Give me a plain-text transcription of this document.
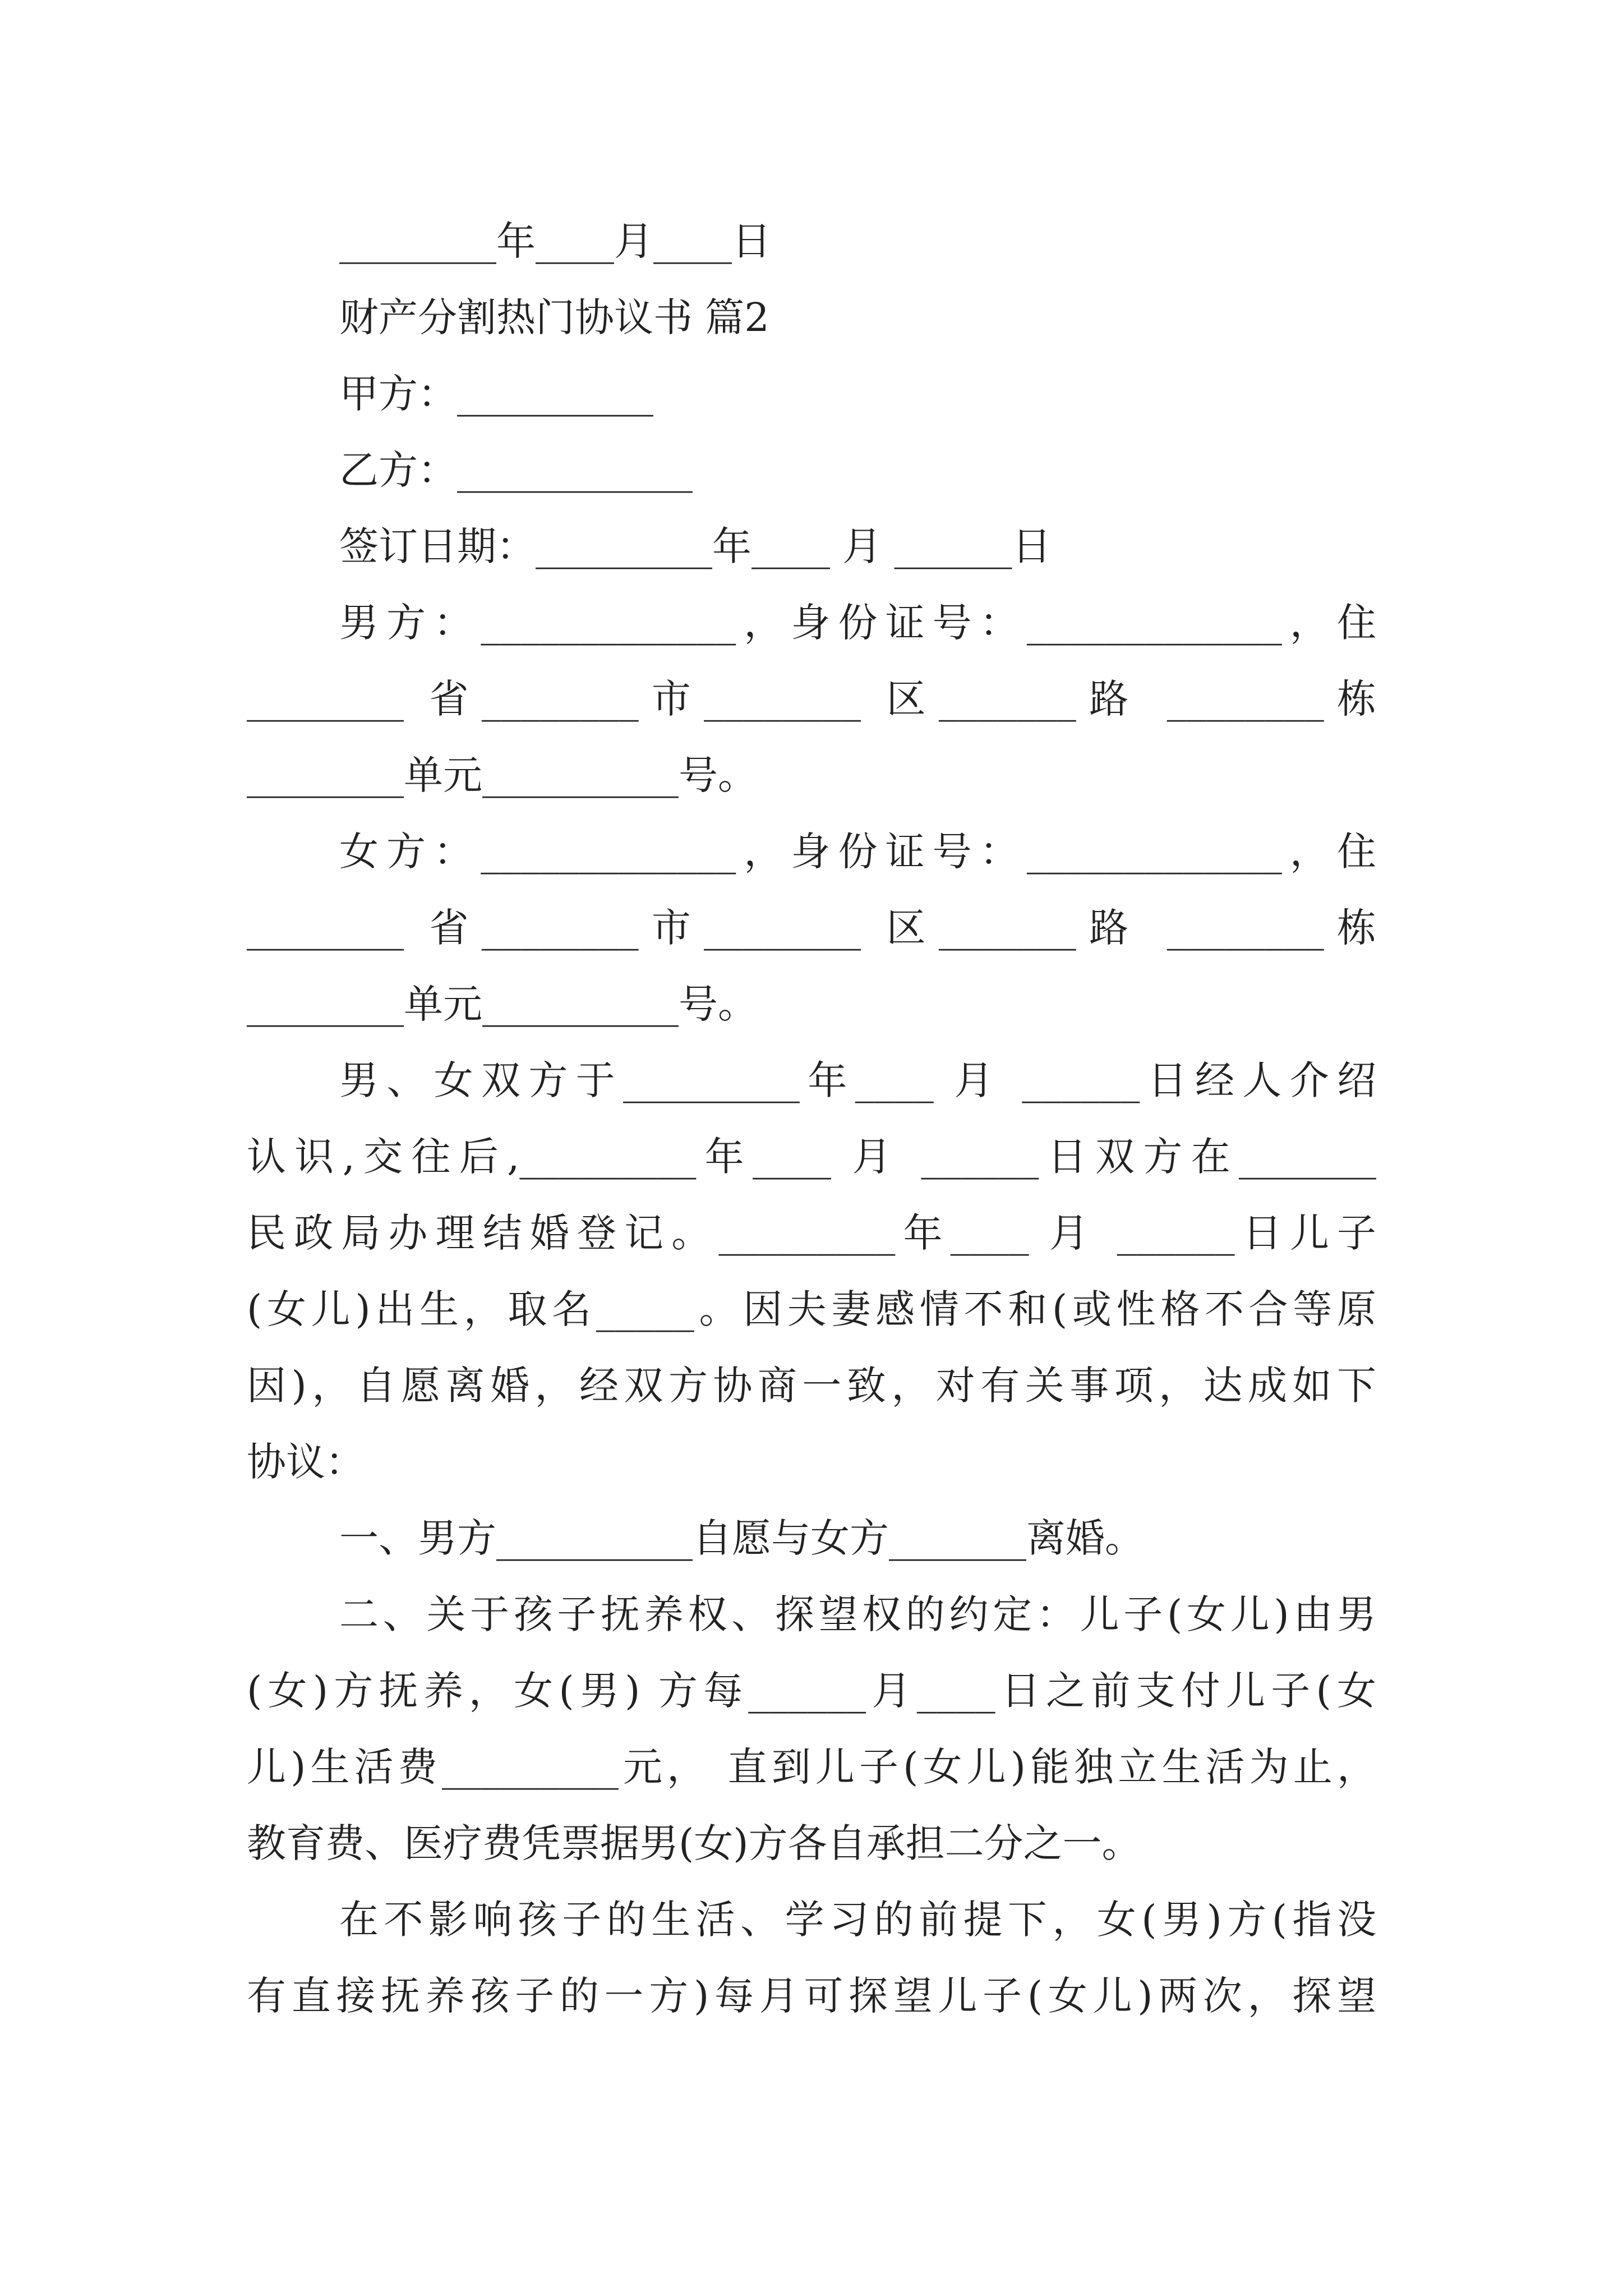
________年____月____日
财产分割热门协议书 篇2
甲方：__________
乙方：____________
签订日期：_________年____ 月 ______日
男方：_____________，身份证号：_____________，住
________ 省________市________ 区_______路 ________栋
________单元__________号。
女方：_____________，身份证号：_____________，住
________ 省________市________ 区_______路 ________栋
________单元__________号。
男、女双方于_________年____ 月 ______日经人介绍
认识,交往后,_________年____ 月 ______日双方在_______
民政局办理结婚登记。_________年____ 月 ______日儿子
(女儿)出生，取名_____。因夫妻感情不和(或性格不合等原
因)，自愿离婚，经双方协商一致，对有关事项，达成如下
协议：
一、男方__________自愿与女方_______离婚。
二、关于孩子抚养权、探望权的约定：儿子(女儿)由男
(女)方抚养，女(男) 方每______月____日之前支付儿子(女
儿)生活费_________元， 直到儿子(女儿)能独立生活为止，
教育费、医疗费凭票据男(女)方各自承担二分之一。
在不影响孩子的生活、学习的前提下，女(男)方(指没
有直接抚养孩子的一方)每月可探望儿子(女儿)两次，探望
